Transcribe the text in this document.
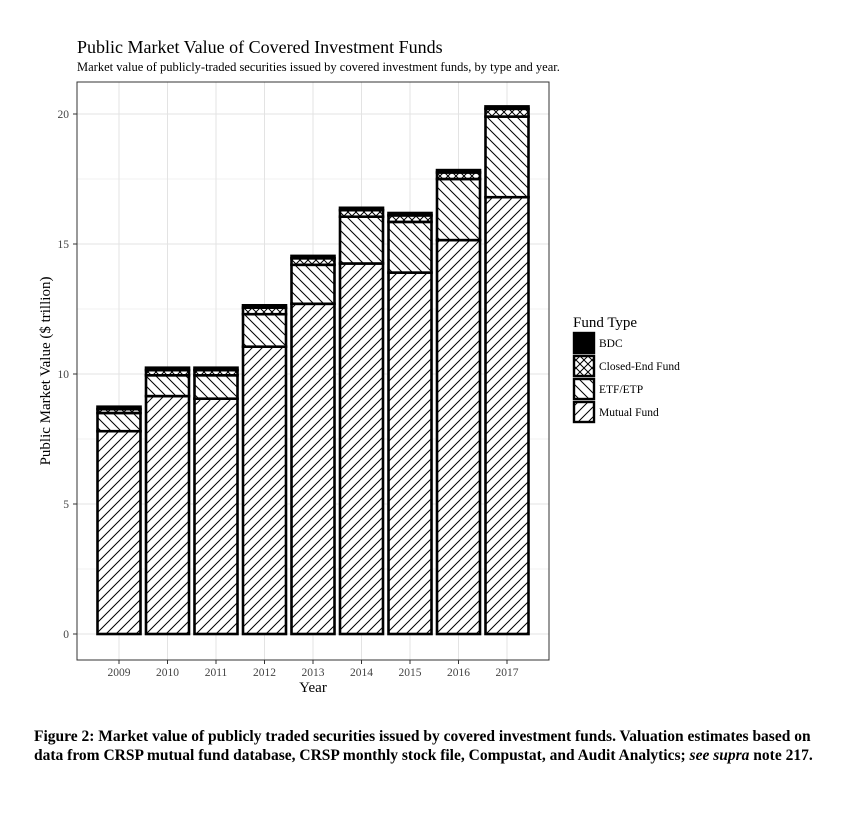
Public Market Value of Covered Investment Funds
Market value of publicly-traded securities issued by covered investment funds, by type and year.
0
5
10
15
20
2009 2010 2011 2012 2013 2014 2015 2016 2017
Year
Public Market Value ($ trillion)	Fund Type
BDC
Closed-End Fund
ETF/ETP
Mutual Fund
Figure 2: Market value of publicly traded securities issued by covered investment funds. Valuation estimates based on data from CRSP mutual fund database, CRSP monthly stock file, Compustat, and Audit Analytics; see supra note 217.
